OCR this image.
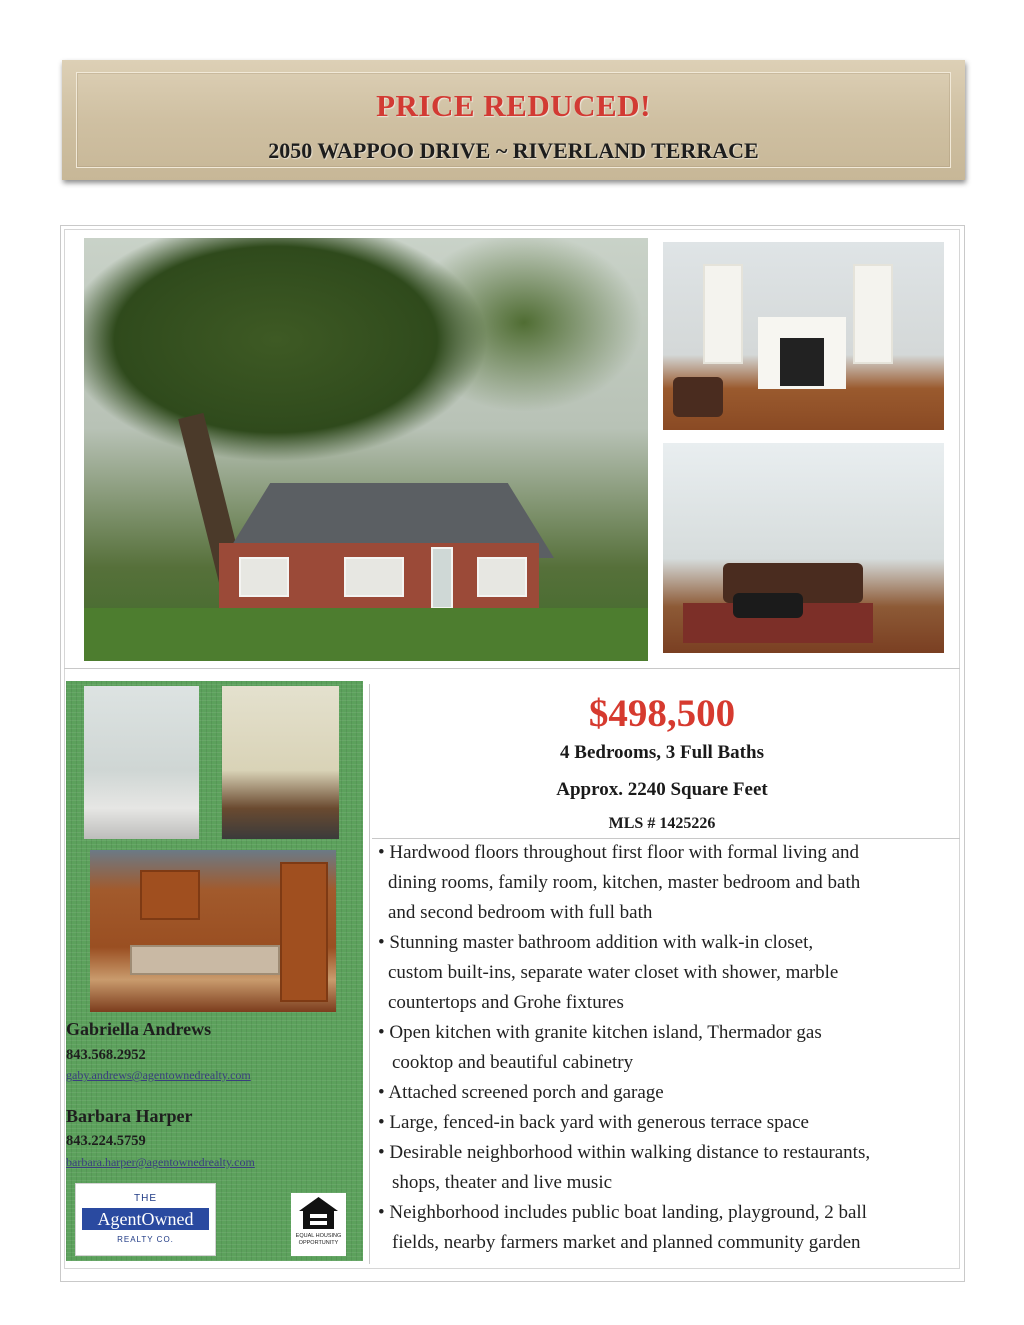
PRICE REDUCED!
2050 WAPPOO DRIVE ~ RIVERLAND TERRACE
Gabriella Andrews
843.568.2952
gaby.andrews@agentownedrealty.com
Barbara Harper
843.224.5759
barbara.harper@agentownedrealty.com
THE
AgentOwned
REALTY CO.	EQUAL HOUSING OPPORTUNITY
$498,500
4 Bedrooms, 3 Full Baths
Approx. 2240 Square Feet
MLS # 1425226
• Hardwood floors throughout first floor with formal living and
dining rooms, family room, kitchen, master bedroom and bath
and second bedroom with full bath
• Stunning master bathroom addition with walk-in closet,
custom built-ins, separate water closet with shower, marble
countertops and Grohe fixtures
• Open kitchen with granite kitchen island, Thermador gas
cooktop and beautiful cabinetry
• Attached screened porch and garage
• Large, fenced-in back yard with generous terrace space
• Desirable neighborhood within walking distance to restaurants,
shops, theater and live music
• Neighborhood includes public boat landing, playground, 2 ball
fields, nearby farmers market and planned community garden
